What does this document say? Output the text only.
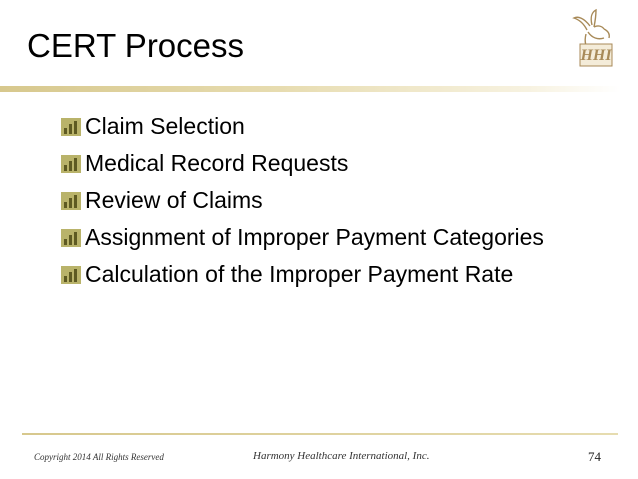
CERT Process	HHI
Claim Selection
Medical Record Requests
Review of Claims
Assignment of Improper Payment Categories
Calculation of the Improper Payment Rate
Copyright 2014 All Rights Reserved	Harmony Healthcare International, Inc.	74
